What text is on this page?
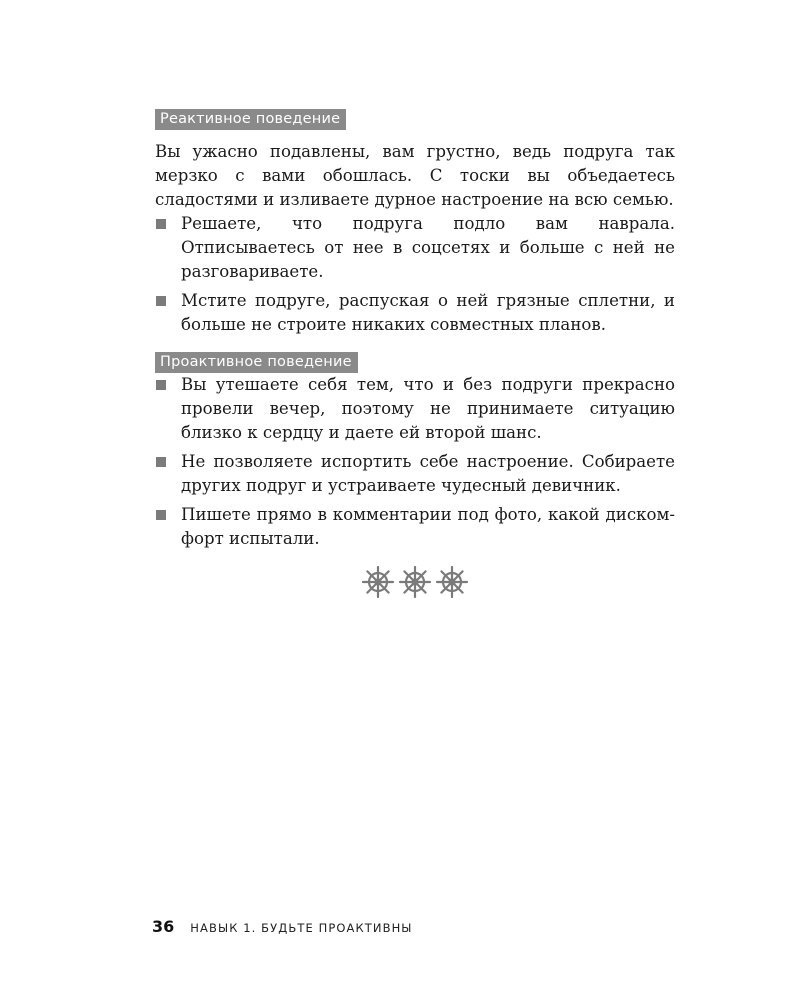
Реактивное поведение

Вы ужасно подавлены, вам грустно, ведь подруга так мерзко с вами обошлась. С тоски вы объедаетесь сладостями и изливаете дурное настроение на всю семью.

Решаете, что подруга подло вам наврала. Отписываетесь от нее в соцсетях и больше с ней не разговариваете.
Мстите подруге, распуская о ней грязные сплетни, и больше не строите никаких совместных планов.
Проактивное поведение
Вы утешаете себя тем, что и без подруги прекрасно провели вечер, поэтому не принимаете ситуацию близко к сердцу и даете ей второй шанс.
Не позволяете испортить себе настроение. Собираете других подруг и устраиваете чудесный девичник.
Пишете прямо в комментарии под фото, какой дискомфорт испытали.
36 НАВЫК 1. БУДЬТЕ ПРОАКТИВНЫ
